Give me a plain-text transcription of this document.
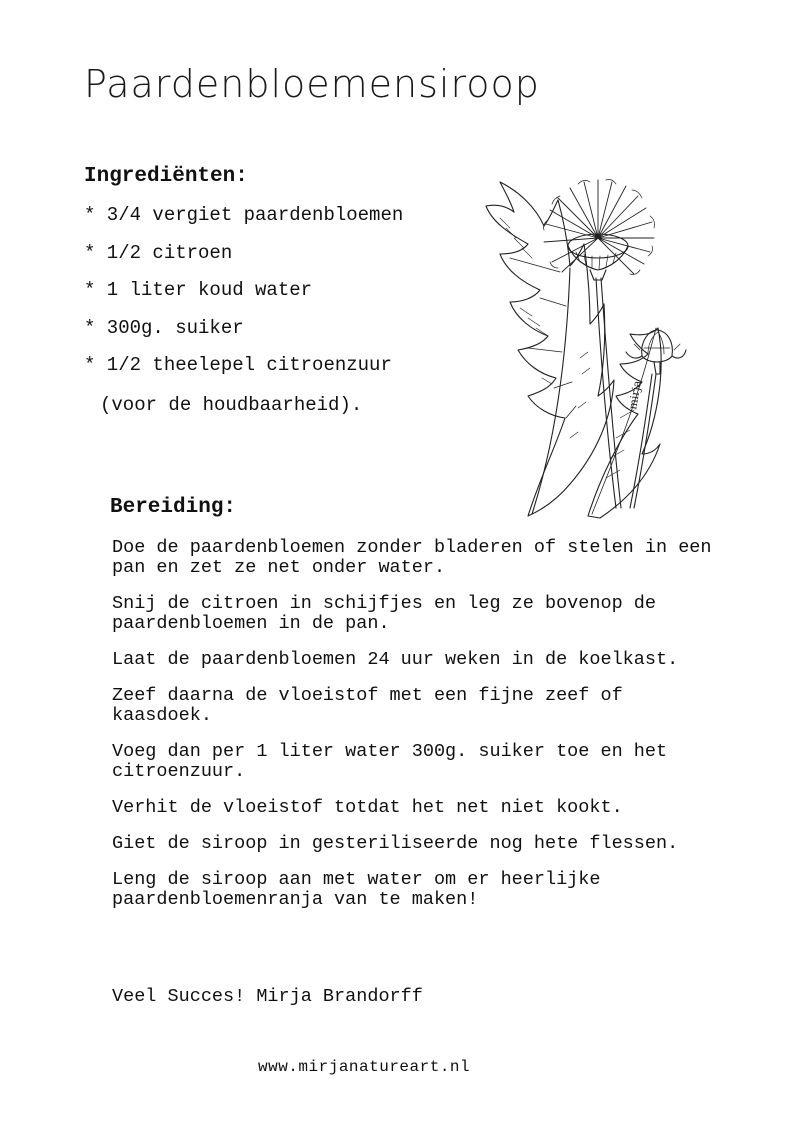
Paardenbloemensiroop
Ingrediënten:
* 3/4 vergiet paardenbloemen
* 1/2 citroen
* 1 liter koud water
* 300g. suiker
* 1/2 theelepel citroenzuur
(voor de houdbaarheid).	mirja
Bereiding:
Doe de paardenbloemen zonder bladeren of stelen in een pan en zet ze net onder water.
Snij de citroen in schijfjes en leg ze bovenop de paardenbloemen in de pan.
Laat de paardenbloemen 24 uur weken in de koelkast.
Zeef daarna de vloeistof met een fijne zeef of kaasdoek.
Voeg dan per 1 liter water 300g. suiker toe en het citroenzuur.
Verhit de vloeistof totdat het net niet kookt.
Giet de siroop in gesteriliseerde nog hete flessen.
Leng de siroop aan met water om er heerlijke paardenbloemenranja van te maken!
Veel Succes! Mirja Brandorff
www.mirjanatureart.nl
